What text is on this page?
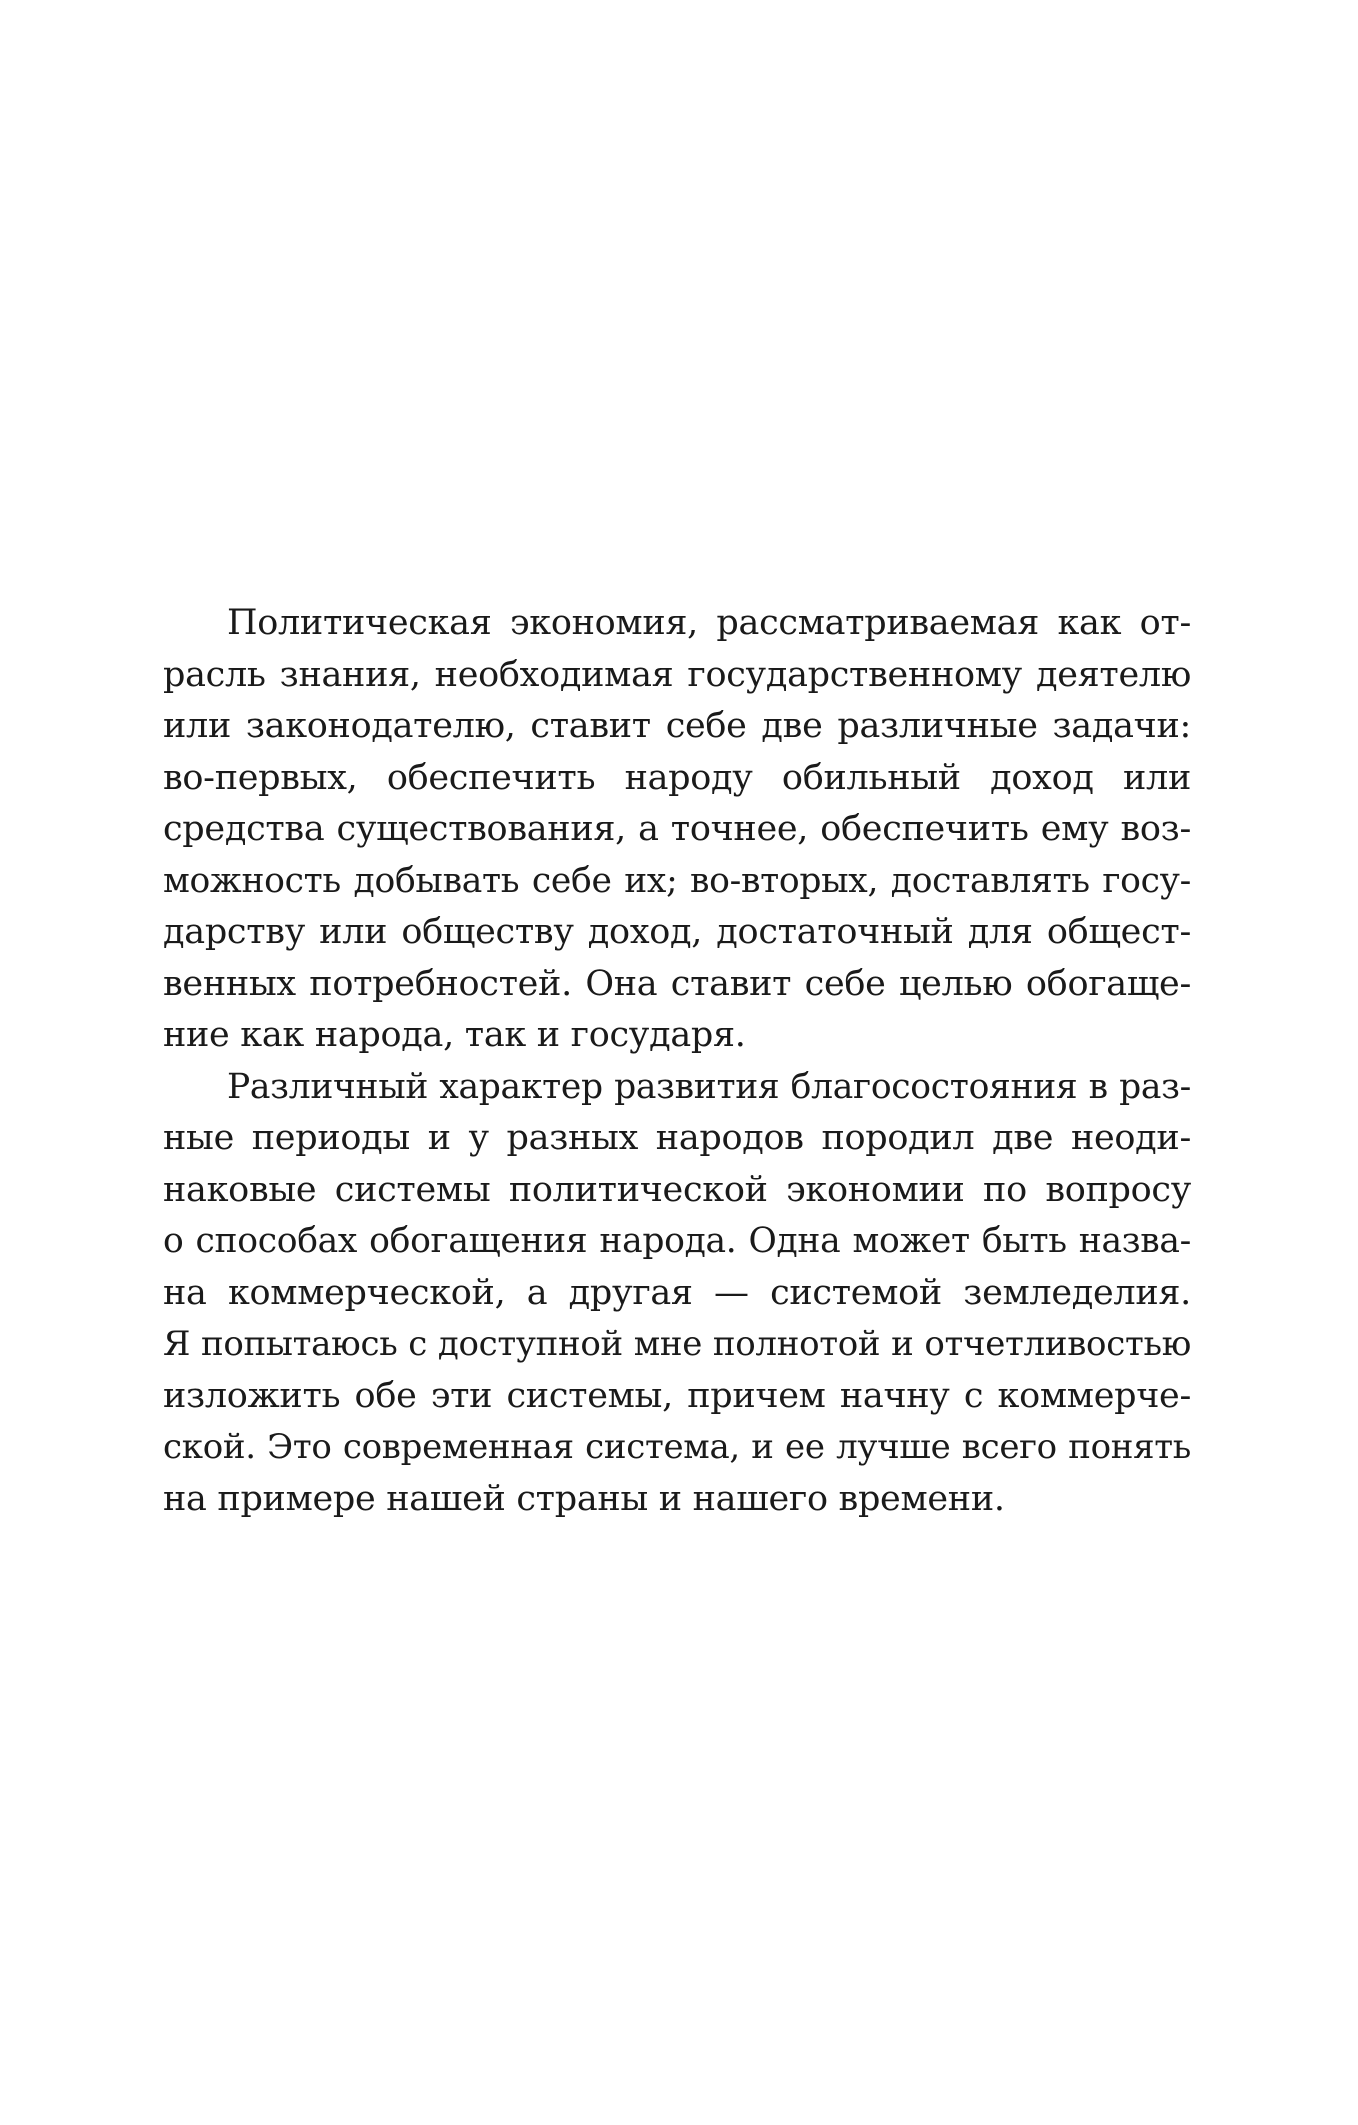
Политическая экономия, рассматриваемая как от-
расль знания, необходимая государственному деятелю
или законодателю, ставит себе две различные задачи:
во-первых, обеспечить народу обильный доход или
средства существования, а точнее, обеспечить ему воз-
можность добывать себе их; во-вторых, доставлять госу-
дарству или обществу доход, достаточный для общест-
венных потребностей. Она ставит себе целью обогаще-
ние как народа, так и государя.

Различный характер развития благосостояния в раз-
ные периоды и у разных народов породил две неоди-
наковые системы политической экономии по вопросу
о способах обогащения народа. Одна может быть назва-
на коммерческой, а другая — системой земледелия.
Я попытаюсь с доступной мне полнотой и отчетливостью
изложить обе эти системы, причем начну с коммерче-
ской. Это современная система, и ее лучше всего понять
на примере нашей страны и нашего времени.
